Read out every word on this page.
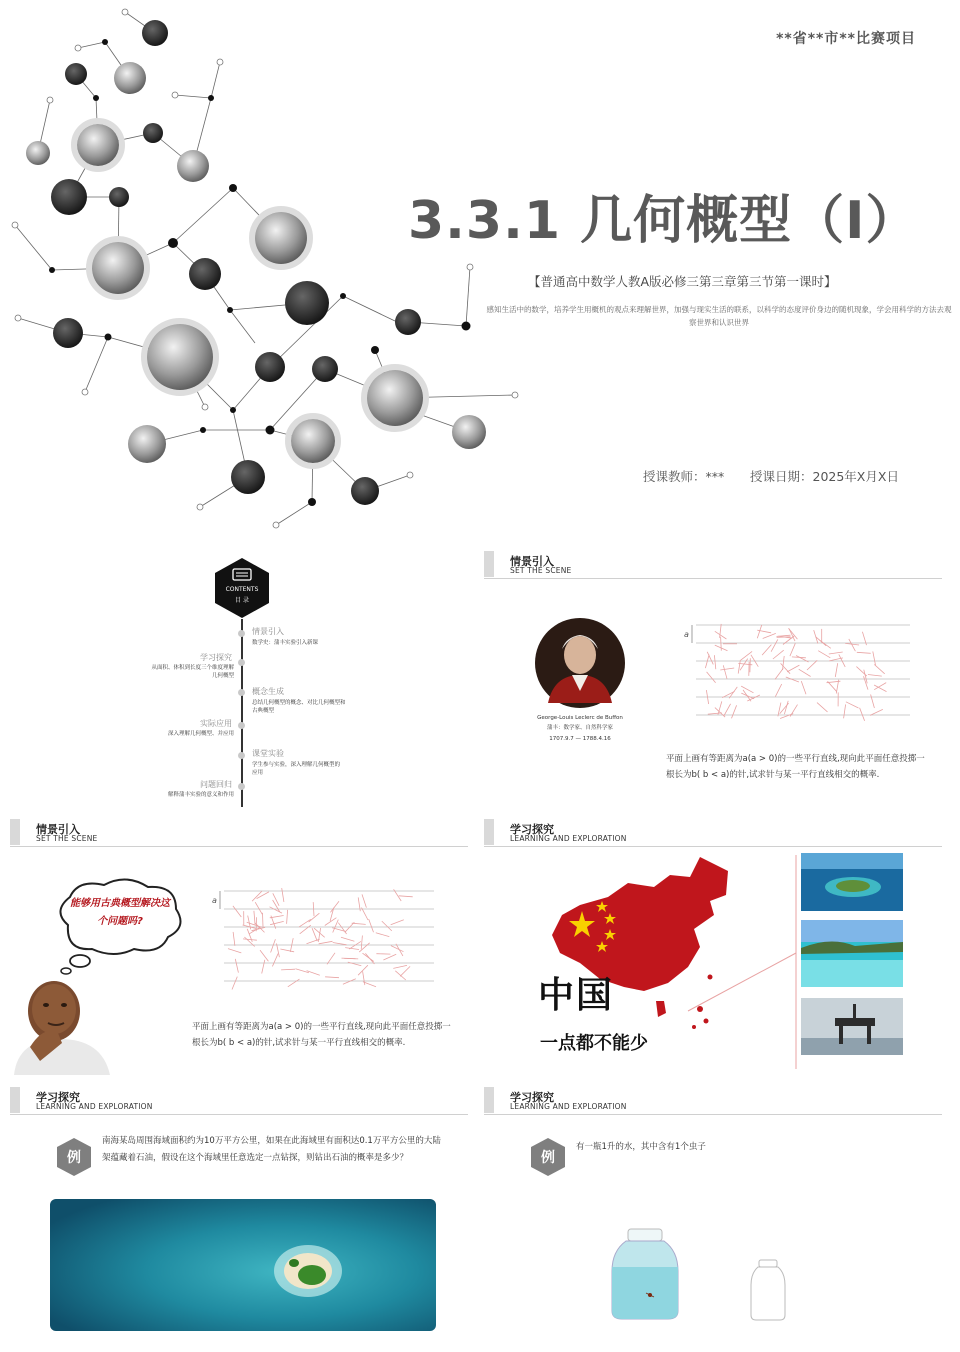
**省**市**比赛项目
3.3.1 几何概型（I）
【普通高中数学人教A版必修三第三章第三节第一课时】
感知生活中的数学，培养学生用概机的观点来理解世界，加强与现实生活的联系，以科学的态度评价身边的随机现象，学会用科学的方法去观察世界和认识世界
授课教师：*** 授课日期：2025年X月X日
CONTENTS
目 录
情景引入
数学史：蒲丰实验引入新课
学习探究
从面积、体积到长度三个维度理解几何概型
概念生成
总结几何概型的概念、对比几何概型和古典概型
实际应用
深入理解几何概型、并应用
课堂实验
学生参与实验，深入理解几何概型的应用
问题回归
解释蒲丰实验的意义和作用
情景引入
SET THE SCENE
George-Louis Leclerc de Buffon
蒲丰：数学家、自然科学家
1707.9.7 — 1788.4.16
a
平面上画有等距离为a(a > 0)的一些平行直线,现向此平面任意投掷一根长为b( b < a)的针,试求针与某一平行直线相交的概率.
情景引入
SET THE SCENE
能够用古典概型解决这个问题吗?
a
平面上画有等距离为a(a > 0)的一些平行直线,现向此平面任意投掷一根长为b( b < a)的针,试求针与某一平行直线相交的概率.
学习探究
LEARNING AND EXPLORATION
中国
一点都不能少
学习探究
LEARNING AND EXPLORATION
例
南海某岛周围海域面积约为10万平方公里，如果在此海域里有面积达0.1万平方公里的大陆架蕴藏着石油，假设在这个海域里任意选定一点钻探，则钻出石油的概率是多少？
学习探究
LEARNING AND EXPLORATION
例
有一瓶1升的水，其中含有1个虫子
